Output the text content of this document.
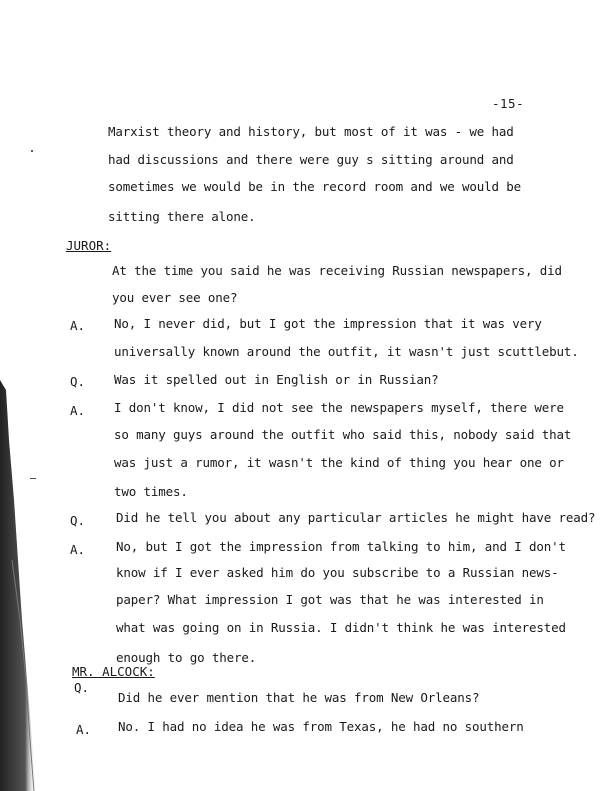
-15-
Marxist theory and history, but most of it was - we had
had discussions and there were guy s sitting around and
sometimes we would be in the record room and we would be
sitting there alone.
JUROR:
At the time you said he was receiving Russian newspapers, did
you ever see one?
A. No, I never did, but I got the impression that it was very
universally known around the outfit, it wasn't just scuttlebut.
Q. Was it spelled out in English or in Russian?
A. I don't know, I did not see the newspapers myself, there were
so many guys around the outfit who said this, nobody said that
was just a rumor, it wasn't the kind of thing you hear one or
two times.
Q. Did he tell you about any particular articles he might have read?
A. No, but I got the impression from talking to him, and I don't
know if I ever asked him do you subscribe to a Russian news-
paper? What impression I got was that he was interested in
what was going on in Russia. I didn't think he was interested
enough to go there.
MR. ALCOCK:
Q.
Did he ever mention that he was from New Orleans?
A. No. I had no idea he was from Texas, he had no southern
